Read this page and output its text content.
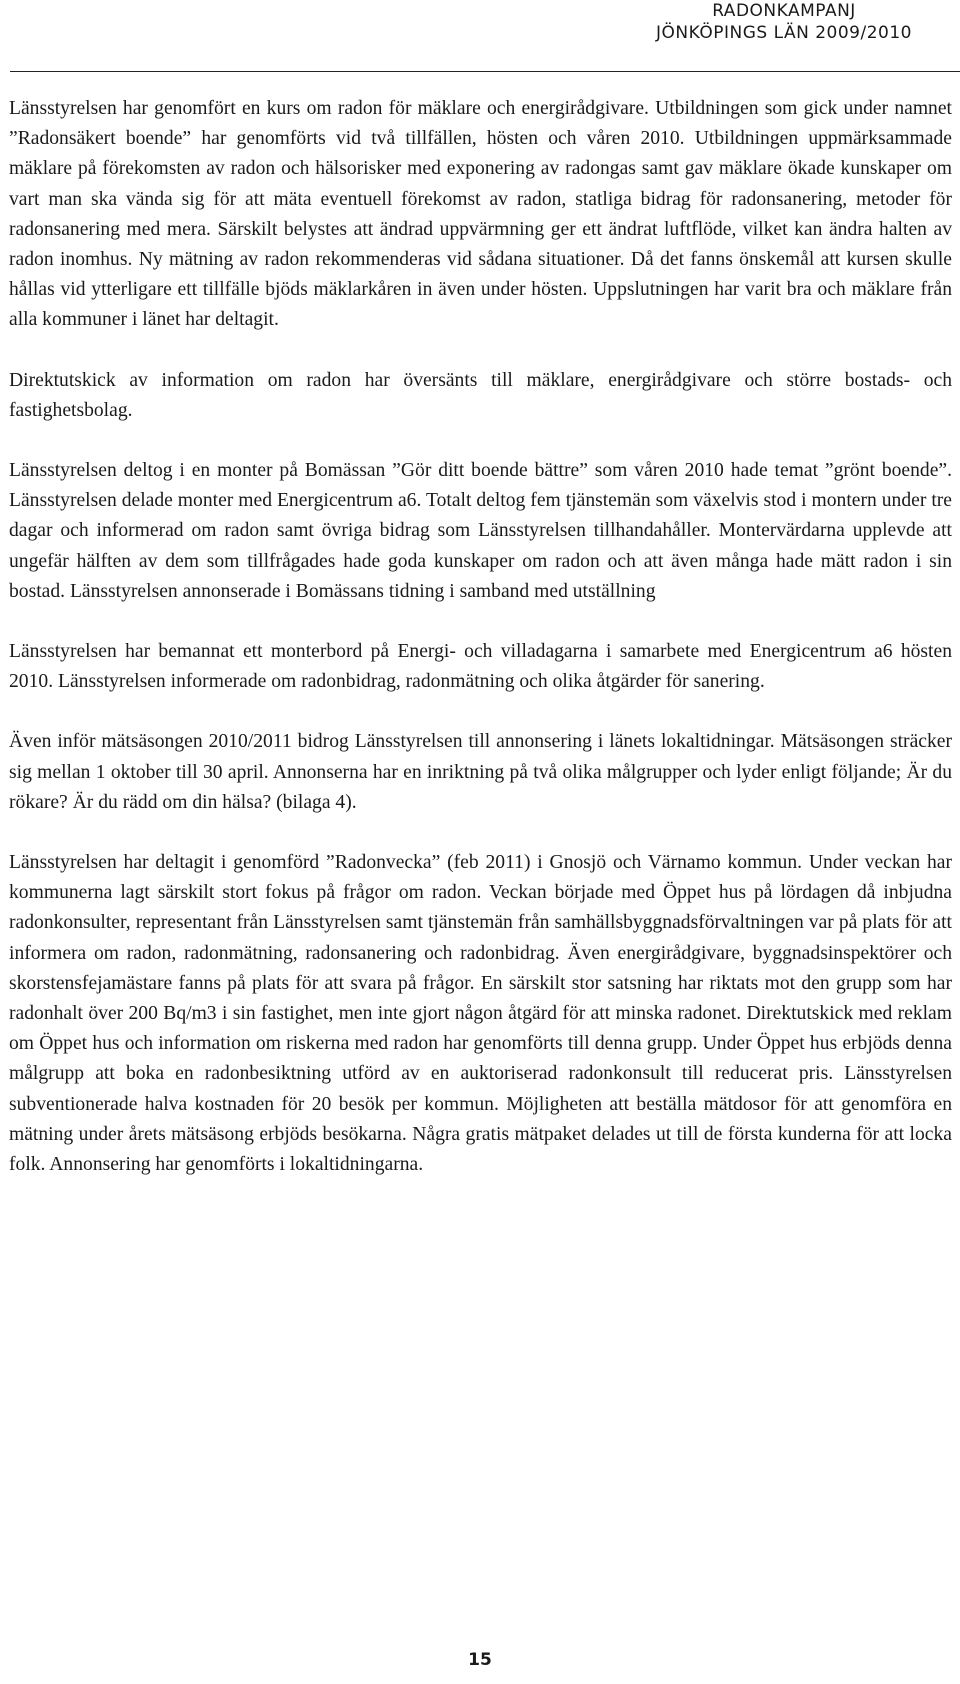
RADONKAMPANJ
JÖNKÖPINGS LÄN 2009/2010

Länsstyrelsen har genomfört en kurs om radon för mäklare och energirådgivare. Utbildningen som gick under namnet ”Radonsäkert boende” har genomförts vid två tillfällen, hösten och våren 2010. Utbildningen uppmärksammade mäklare på förekomsten av radon och hälsorisker med exponering av radongas samt gav mäklare ökade kunskaper om vart man ska vända sig för att mäta eventuell förekomst av radon, statliga bidrag för radonsanering, metoder för radonsanering med mera. Särskilt belystes att ändrad uppvärmning ger ett ändrat luftflöde, vilket kan ändra halten av radon inomhus. Ny mätning av radon rekommenderas vid sådana situationer. Då det fanns önskemål att kursen skulle hållas vid ytterligare ett tillfälle bjöds mäklarkåren in även under hösten. Uppslutningen har varit bra och mäklare från alla kommuner i länet har deltagit.

Direktutskick av information om radon har översänts till mäklare, energirådgivare och större bostads- och fastighetsbolag.

Länsstyrelsen deltog i en monter på Bomässan ”Gör ditt boende bättre” som våren 2010 hade temat ”grönt boende”. Länsstyrelsen delade monter med Energicentrum a6. Totalt deltog fem tjänstemän som växelvis stod i montern under tre dagar och informerad om radon samt övriga bidrag som Länsstyrelsen tillhandahåller. Montervärdarna upplevde att ungefär hälften av dem som tillfrågades hade goda kunskaper om radon och att även många hade mätt radon i sin bostad. Länsstyrelsen annonserade i Bomässans tidning i samband med utställning

Länsstyrelsen har bemannat ett monterbord på Energi- och villadagarna i samarbete med Energicentrum a6 hösten 2010. Länsstyrelsen informerade om radonbidrag, radonmätning och olika åtgärder för sanering.

Även inför mätsäsongen 2010/2011 bidrog Länsstyrelsen till annonsering i länets lokaltidningar. Mätsäsongen sträcker sig mellan 1 oktober till 30 april. Annonserna har en inriktning på två olika målgrupper och lyder enligt följande; Är du rökare? Är du rädd om din hälsa? (bilaga 4).

Länsstyrelsen har deltagit i genomförd ”Radonvecka” (feb 2011) i Gnosjö och Värnamo kommun. Under veckan har kommunerna lagt särskilt stort fokus på frågor om radon. Veckan började med Öppet hus på lördagen då inbjudna radonkonsulter, representant från Länsstyrelsen samt tjänstemän från samhällsbyggnadsförvaltningen var på plats för att informera om radon, radonmätning, radonsanering och radonbidrag. Även energirådgivare, byggnadsinspektörer och skorstensfejamästare fanns på plats för att svara på frågor. En särskilt stor satsning har riktats mot den grupp som har radonhalt över 200 Bq/m3 i sin fastighet, men inte gjort någon åtgärd för att minska radonet. Direktutskick med reklam om Öppet hus och information om riskerna med radon har genomförts till denna grupp. Under Öppet hus erbjöds denna målgrupp att boka en radonbesiktning utförd av en auktoriserad radonkonsult till reducerat pris. Länsstyrelsen subventionerade halva kostnaden för 20 besök per kommun. Möjligheten att beställa mätdosor för att genomföra en mätning under årets mätsäsong erbjöds besökarna. Några gratis mätpaket delades ut till de första kunderna för att locka folk. Annonsering har genomförts i lokaltidningarna.

15
